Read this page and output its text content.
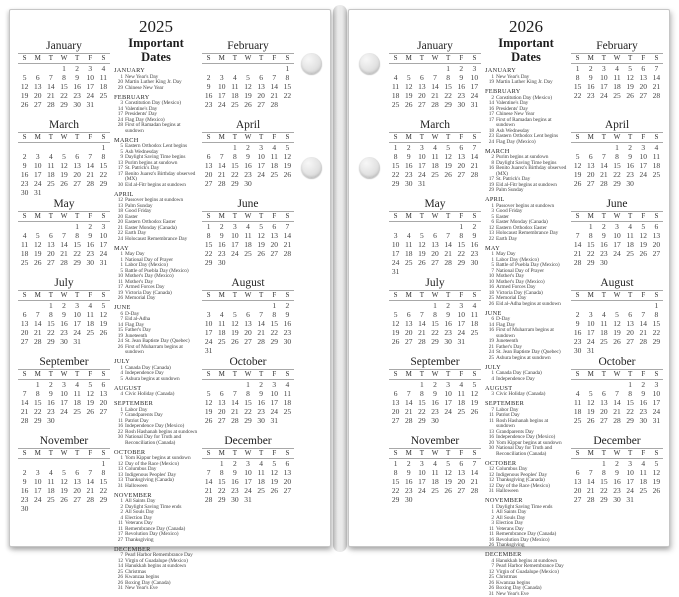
January
S	M	T	W	T	F	S
			1	2	3	4
5	6	7	8	9	10	11
12	13	14	15	16	17	18
19	20	21	22	23	24	25
26	27	28	29	30	31	
March
S	M	T	W	T	F	S
						1
2	3	4	5	6	7	8
9	10	11	12	13	14	15
16	17	18	19	20	21	22
23	24	25	26	27	28	29
30	31					
May
S	M	T	W	T	F	S
				1	2	3
4	5	6	7	8	9	10
11	12	13	14	15	16	17
18	19	20	21	22	23	24
25	26	27	28	29	30	31
July
S	M	T	W	T	F	S
		1	2	3	4	5
6	7	8	9	10	11	12
13	14	15	16	17	18	19
20	21	22	23	24	25	26
27	28	29	30	31		
September
S	M	T	W	T	F	S
	1	2	3	4	5	6
7	8	9	10	11	12	13
14	15	16	17	18	19	20
21	22	23	24	25	26	27
28	29	30				
November
S	M	T	W	T	F	S
						1
2	3	4	5	6	7	8
9	10	11	12	13	14	15
16	17	18	19	20	21	22
23	24	25	26	27	28	29
30						
2025
Important Dates
JANUARY
1 New Year's Day
20 Martin Luther King Jr. Day
29 Chinese New Year
FEBRUARY
3 Constitution Day (Mexico)
14 Valentine's Day
17 Presidents' Day
24 Flag Day (Mexico)
28 First of Ramadan begins at sundown
MARCH
5 Eastern Orthodox Lent begins
5 Ash Wednesday
9 Daylight Saving Time begins
13 Purim begins at sundown
17 St. Patrick's Day
17 Benito Juarez's Birthday observed (MX)
30 Eid al-Fitr begins at sundown
APRIL
12 Passover begins at sundown
13 Palm Sunday
18 Good Friday
20 Easter
20 Eastern Orthodox Easter
21 Easter Monday (Canada)
22 Earth Day
24 Holocaust Remembrance Day
MAY
1 May Day
1 National Day of Prayer
1 Labor Day (Mexico)
5 Battle of Puebla Day (Mexico)
10 Mother's Day (Mexico)
11 Mother's Day
17 Armed Forces Day
19 Victoria Day (Canada)
26 Memorial Day
JUNE
6 D-Day
7 Eid al-Adha
14 Flag Day
15 Father's Day
19 Juneteenth
24 St. Jean Baptiste Day (Quebec)
26 First of Muharram begins at sundown
JULY
1 Canada Day (Canada)
4 Independence Day
5 Ashura begins at sundown
AUGUST
4 Civic Holiday (Canada)
SEPTEMBER
1 Labor Day
7 Grandparents Day
11 Patriot Day
16 Independence Day (Mexico)
22 Rosh Hashanah begins at sundown
30 National Day for Truth and Reconciliation (Canada)
OCTOBER
1 Yom Kippur begins at sundown
12 Day of the Race (Mexico)
13 Columbus Day
13 Indigenous Peoples' Day
13 Thanksgiving (Canada)
31 Halloween
NOVEMBER
1 All Saints Day
2 Daylight Saving Time ends
2 All Souls Day
4 Election Day
11 Veterans Day
11 Remembrance Day (Canada)
17 Revolution Day (Mexico)
27 Thanksgiving
DECEMBER
7 Pearl Harbor Remembrance Day
12 Virgin of Guadalupe (Mexico)
14 Hanukkah begins at sundown
25 Christmas
26 Kwanzaa begins
26 Boxing Day (Canada)
31 New Year's Eve
February
S	M	T	W	T	F	S
						1
2	3	4	5	6	7	8
9	10	11	12	13	14	15
16	17	18	19	20	21	22
23	24	25	26	27	28	
April
S	M	T	W	T	F	S
		1	2	3	4	5
6	7	8	9	10	11	12
13	14	15	16	17	18	19
20	21	22	23	24	25	26
27	28	29	30			
June
S	M	T	W	T	F	S
1	2	3	4	5	6	7
8	9	10	11	12	13	14
15	16	17	18	19	20	21
22	23	24	25	26	27	28
29	30					
August
S	M	T	W	T	F	S
					1	2
3	4	5	6	7	8	9
10	11	12	13	14	15	16
17	18	19	20	21	22	23
24	25	26	27	28	29	30
31						
October
S	M	T	W	T	F	S
			1	2	3	4
5	6	7	8	9	10	11
12	13	14	15	16	17	18
19	20	21	22	23	24	25
26	27	28	29	30	31	
December
S	M	T	W	T	F	S
	1	2	3	4	5	6
7	8	9	10	11	12	13
14	15	16	17	18	19	20
21	22	23	24	25	26	27
28	29	30	31			
January
S	M	T	W	T	F	S
				1	2	3
4	5	6	7	8	9	10
11	12	13	14	15	16	17
18	19	20	21	22	23	24
25	26	27	28	29	30	31
March
S	M	T	W	T	F	S
1	2	3	4	5	6	7
8	9	10	11	12	13	14
15	16	17	18	19	20	21
22	23	24	25	26	27	28
29	30	31				
May
S	M	T	W	T	F	S
					1	2
3	4	5	6	7	8	9
10	11	12	13	14	15	16
17	18	19	20	21	22	23
24	25	26	27	28	29	30
31						
July
S	M	T	W	T	F	S
			1	2	3	4
5	6	7	8	9	10	11
12	13	14	15	16	17	18
19	20	21	22	23	24	25
26	27	28	29	30	31	
September
S	M	T	W	T	F	S
		1	2	3	4	5
6	7	8	9	10	11	12
13	14	15	16	17	18	19
20	21	22	23	24	25	26
27	28	29	30			
November
S	M	T	W	T	F	S
1	2	3	4	5	6	7
8	9	10	11	12	13	14
15	16	17	18	19	20	21
22	23	24	25	26	27	28
29	30					
2026
Important Dates
JANUARY
1 New Year's Day
19 Martin Luther King Jr. Day
FEBRUARY
2 Constitution Day (Mexico)
14 Valentine's Day
16 Presidents' Day
17 Chinese New Year
17 First of Ramadan begins at sundown
18 Ash Wednesday
23 Eastern Orthodox Lent begins
24 Flag Day (Mexico)
MARCH
2 Purim begins at sundown
8 Daylight Saving Time begins
16 Benito Juarez's Birthday observed (MX)
17 St. Patrick's Day
19 Eid al-Fitr begins at sundown
29 Palm Sunday
APRIL
1 Passover begins at sundown
3 Good Friday
5 Easter
6 Easter Monday (Canada)
12 Eastern Orthodox Easter
13 Holocaust Remembrance Day
22 Earth Day
MAY
1 May Day
1 Labor Day (Mexico)
5 Battle of Puebla Day (Mexico)
7 National Day of Prayer
10 Mother's Day
10 Mother's Day (Mexico)
16 Armed Forces Day
18 Victoria Day (Canada)
25 Memorial Day
26 Eid al-Adha begins at sundown
JUNE
6 D-Day
14 Flag Day
16 First of Muharram begins at sundown
19 Juneteenth
21 Father's Day
24 St. Jean Baptiste Day (Quebec)
25 Ashura begins at sundown
JULY
1 Canada Day (Canada)
4 Independence Day
AUGUST
3 Civic Holiday (Canada)
SEPTEMBER
7 Labor Day
11 Patriot Day
11 Rosh Hashanah begins at sundown
13 Grandparents Day
16 Independence Day (Mexico)
20 Yom Kippur begins at sundown
30 National Day for Truth and Reconciliation (Canada)
OCTOBER
12 Columbus Day
12 Indigenous Peoples' Day
12 Thanksgiving (Canada)
12 Day of the Race (Mexico)
31 Halloween
NOVEMBER
1 Daylight Saving Time ends
1 All Saints Day
2 All Souls Day
3 Election Day
11 Veterans Day
11 Remembrance Day (Canada)
16 Revolution Day (Mexico)
26 Thanksgiving
DECEMBER
4 Hanukkah begins at sundown
7 Pearl Harbor Remembrance Day
12 Virgin of Guadalupe (Mexico)
25 Christmas
26 Kwanzaa begins
26 Boxing Day (Canada)
31 New Year's Eve
February
S	M	T	W	T	F	S
1	2	3	4	5	6	7
8	9	10	11	12	13	14
15	16	17	18	19	20	21
22	23	24	25	26	27	28
April
S	M	T	W	T	F	S
			1	2	3	4
5	6	7	8	9	10	11
12	13	14	15	16	17	18
19	20	21	22	23	24	25
26	27	28	29	30		
June
S	M	T	W	T	F	S
	1	2	3	4	5	6
7	8	9	10	11	12	13
14	15	16	17	18	19	20
21	22	23	24	25	26	27
28	29	30				
August
S	M	T	W	T	F	S
						1
2	3	4	5	6	7	8
9	10	11	12	13	14	15
16	17	18	19	20	21	22
23	24	25	26	27	28	29
30	31					
October
S	M	T	W	T	F	S
				1	2	3
4	5	6	7	8	9	10
11	12	13	14	15	16	17
18	19	20	21	22	23	24
25	26	27	28	29	30	31
December
S	M	T	W	T	F	S
		1	2	3	4	5
6	7	8	9	10	11	12
13	14	15	16	17	18	19
20	21	22	23	24	25	26
27	28	29	30	31		
